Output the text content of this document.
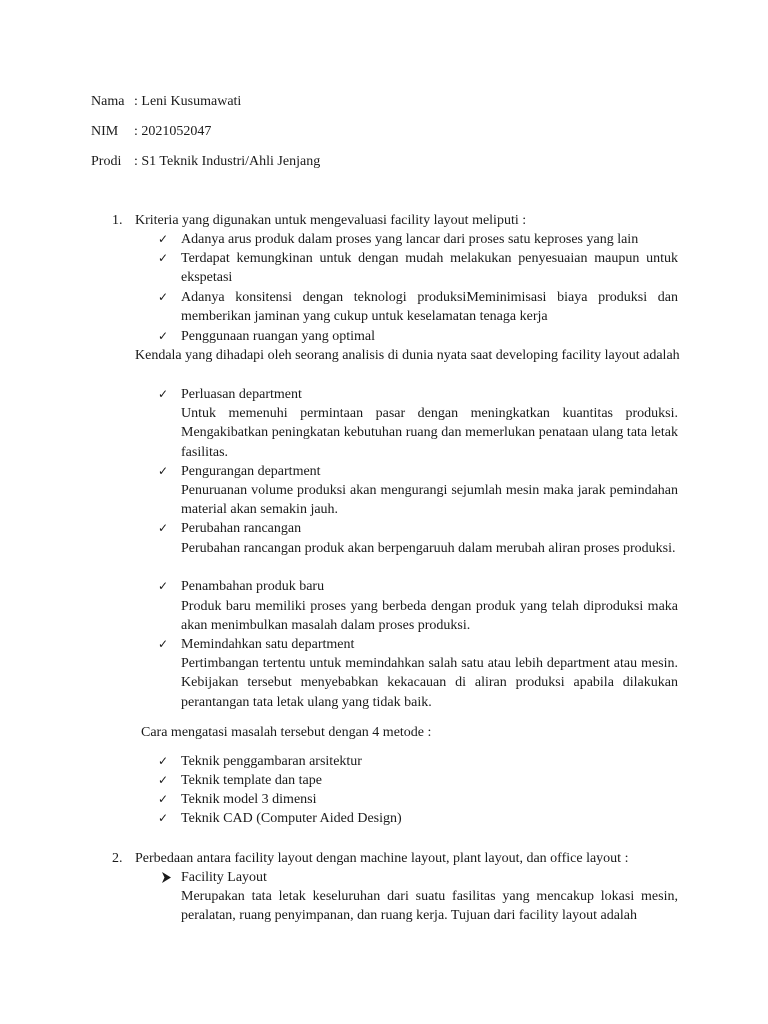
Nama : Leni Kusumawati

NIM : 2021052047

Prodi : S1 Teknik Industri/Ahli Jenjang

1. Kriteria yang digunakan untuk mengevaluasi facility layout meliputi :

✓ Adanya arus produk dalam proses yang lancar dari proses satu keproses yang lain

✓ Terdapat kemungkinan untuk dengan mudah melakukan penyesuaian maupun untuk ekspetasi

✓ Adanya konsitensi dengan teknologi produksiMeminimisasi biaya produksi dan memberikan jaminan yang cukup untuk keselamatan tenaga kerja

✓ Penggunaan ruangan yang optimal

Kendala yang dihadapi oleh seorang analisis di dunia nyata saat developing facility layout adalah

✓ Perluasan department

Untuk memenuhi permintaan pasar dengan meningkatkan kuantitas produksi. Mengakibatkan peningkatan kebutuhan ruang dan memerlukan penataan ulang tata letak fasilitas.

✓ Pengurangan department

Penuruanan volume produksi akan mengurangi sejumlah mesin maka jarak pemindahan material akan semakin jauh.

✓ Perubahan rancangan

Perubahan rancangan produk akan berpengaruuh dalam merubah aliran proses produksi.

✓ Penambahan produk baru

Produk baru memiliki proses yang berbeda dengan produk yang telah diproduksi maka akan menimbulkan masalah dalam proses produksi.

✓ Memindahkan satu department

Pertimbangan tertentu untuk memindahkan salah satu atau lebih department atau mesin. Kebijakan tersebut menyebabkan kekacauan di aliran produksi apabila dilakukan perantangan tata letak ulang yang tidak baik.

Cara mengatasi masalah tersebut dengan 4 metode :

✓ Teknik penggambaran arsitektur

✓ Teknik template dan tape

✓ Teknik model 3 dimensi

✓ Teknik CAD (Computer Aided Design)

2. Perbedaan antara facility layout dengan machine layout, plant layout, dan office layout :

Facility Layout

Merupakan tata letak keseluruhan dari suatu fasilitas yang mencakup lokasi mesin, peralatan, ruang penyimpanan, dan ruang kerja. Tujuan dari facility layout adalah
